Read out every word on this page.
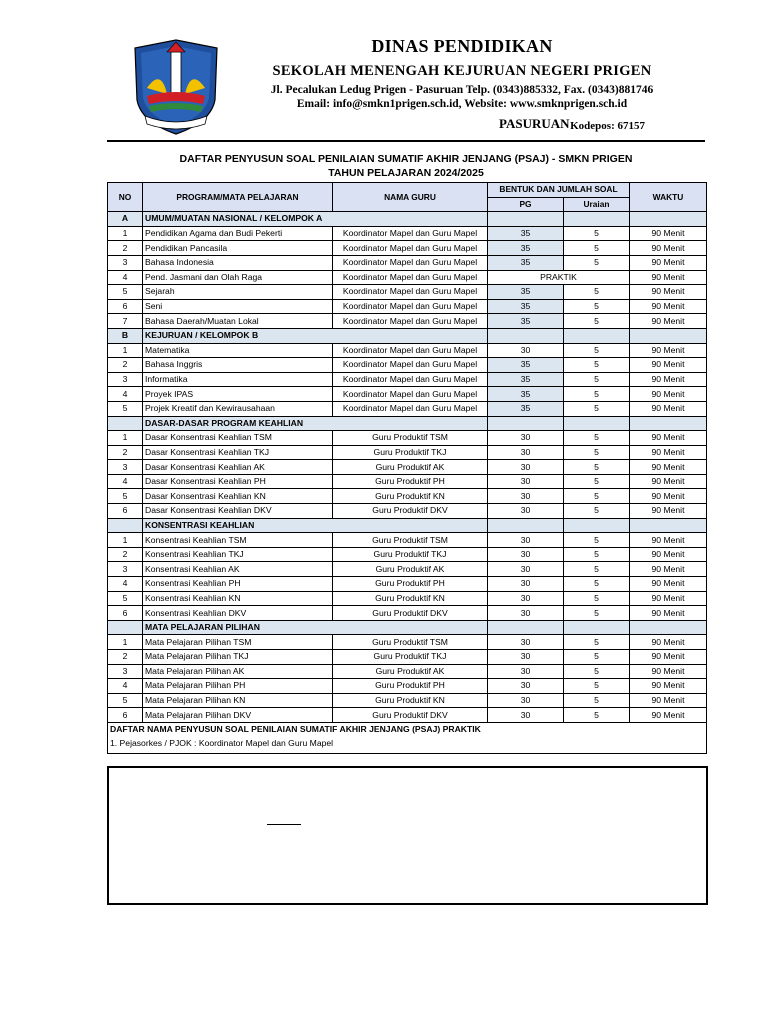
DINAS PENDIDIKAN
SEKOLAH MENENGAH KEJURUAN NEGERI PRIGEN
Jl. Pecalukan Ledug Prigen - Pasuruan Telp. (0343)885332, Fax. (0343)881746
Email: info@smkn1prigen.sch.id, Website: www.smknprigen.sch.id
PASURUAN Kodepos: 67157
DAFTAR PENYUSUN SOAL PENILAIAN SUMATIF AKHIR JENJANG (PSAJ) - SMKN PRIGEN
TAHUN PELAJARAN 2024/2025
NO	PROGRAM/MATA PELAJARAN	NAMA GURU	BENTUK DAN JUMLAH SOAL		WAKTU
			PG	Uraian	
A	UMUM/MUATAN NASIONAL / KELOMPOK A				
1	Pendidikan Agama dan Budi Pekerti	Koordinator Mapel dan Guru Mapel	35	5	90 Menit
2	Pendidikan Pancasila	Koordinator Mapel dan Guru Mapel	35	5	90 Menit
3	Bahasa Indonesia	Koordinator Mapel dan Guru Mapel	35	5	90 Menit
4	Pend. Jasmani dan Olah Raga	Koordinator Mapel dan Guru Mapel	PRAKTIK		90 Menit
5	Sejarah	Koordinator Mapel dan Guru Mapel	35	5	90 Menit
6	Seni	Koordinator Mapel dan Guru Mapel	35	5	90 Menit
7	Bahasa Daerah/Muatan Lokal	Koordinator Mapel dan Guru Mapel	35	5	90 Menit
B	KEJURUAN / KELOMPOK B				
1	Matematika	Koordinator Mapel dan Guru Mapel	30	5	90 Menit
2	Bahasa Inggris	Koordinator Mapel dan Guru Mapel	35	5	90 Menit
3	Informatika	Koordinator Mapel dan Guru Mapel	35	5	90 Menit
4	Proyek IPAS	Koordinator Mapel dan Guru Mapel	35	5	90 Menit
5	Projek Kreatif dan Kewirausahaan	Koordinator Mapel dan Guru Mapel	35	5	90 Menit
	DASAR-DASAR PROGRAM KEAHLIAN				
1	Dasar Konsentrasi Keahlian TSM	Guru Produktif TSM	30	5	90 Menit
2	Dasar Konsentrasi Keahlian TKJ	Guru Produktif TKJ	30	5	90 Menit
3	Dasar Konsentrasi Keahlian AK	Guru Produktif AK	30	5	90 Menit
4	Dasar Konsentrasi Keahlian PH	Guru Produktif PH	30	5	90 Menit
5	Dasar Konsentrasi Keahlian KN	Guru Produktif KN	30	5	90 Menit
6	Dasar Konsentrasi Keahlian DKV	Guru Produktif DKV	30	5	90 Menit
	KONSENTRASI KEAHLIAN				
1	Konsentrasi Keahlian TSM	Guru Produktif TSM	30	5	90 Menit
2	Konsentrasi Keahlian TKJ	Guru Produktif TKJ	30	5	90 Menit
3	Konsentrasi Keahlian AK	Guru Produktif AK	30	5	90 Menit
4	Konsentrasi Keahlian PH	Guru Produktif PH	30	5	90 Menit
5	Konsentrasi Keahlian KN	Guru Produktif KN	30	5	90 Menit
6	Konsentrasi Keahlian DKV	Guru Produktif DKV	30	5	90 Menit
	MATA PELAJARAN PILIHAN				
1	Mata Pelajaran Pilihan TSM	Guru Produktif TSM	30	5	90 Menit
2	Mata Pelajaran Pilihan TKJ	Guru Produktif TKJ	30	5	90 Menit
3	Mata Pelajaran Pilihan AK	Guru Produktif AK	30	5	90 Menit
4	Mata Pelajaran Pilihan PH	Guru Produktif PH	30	5	90 Menit
5	Mata Pelajaran Pilihan KN	Guru Produktif KN	30	5	90 Menit
6	Mata Pelajaran Pilihan DKV	Guru Produktif DKV	30	5	90 Menit
DAFTAR NAMA PENYUSUN SOAL PENILAIAN SUMATIF AKHIR JENJANG (PSAJ) PRAKTIK					
1. Pejasorkes / PJOK : Koordinator Mapel dan Guru Mapel					
